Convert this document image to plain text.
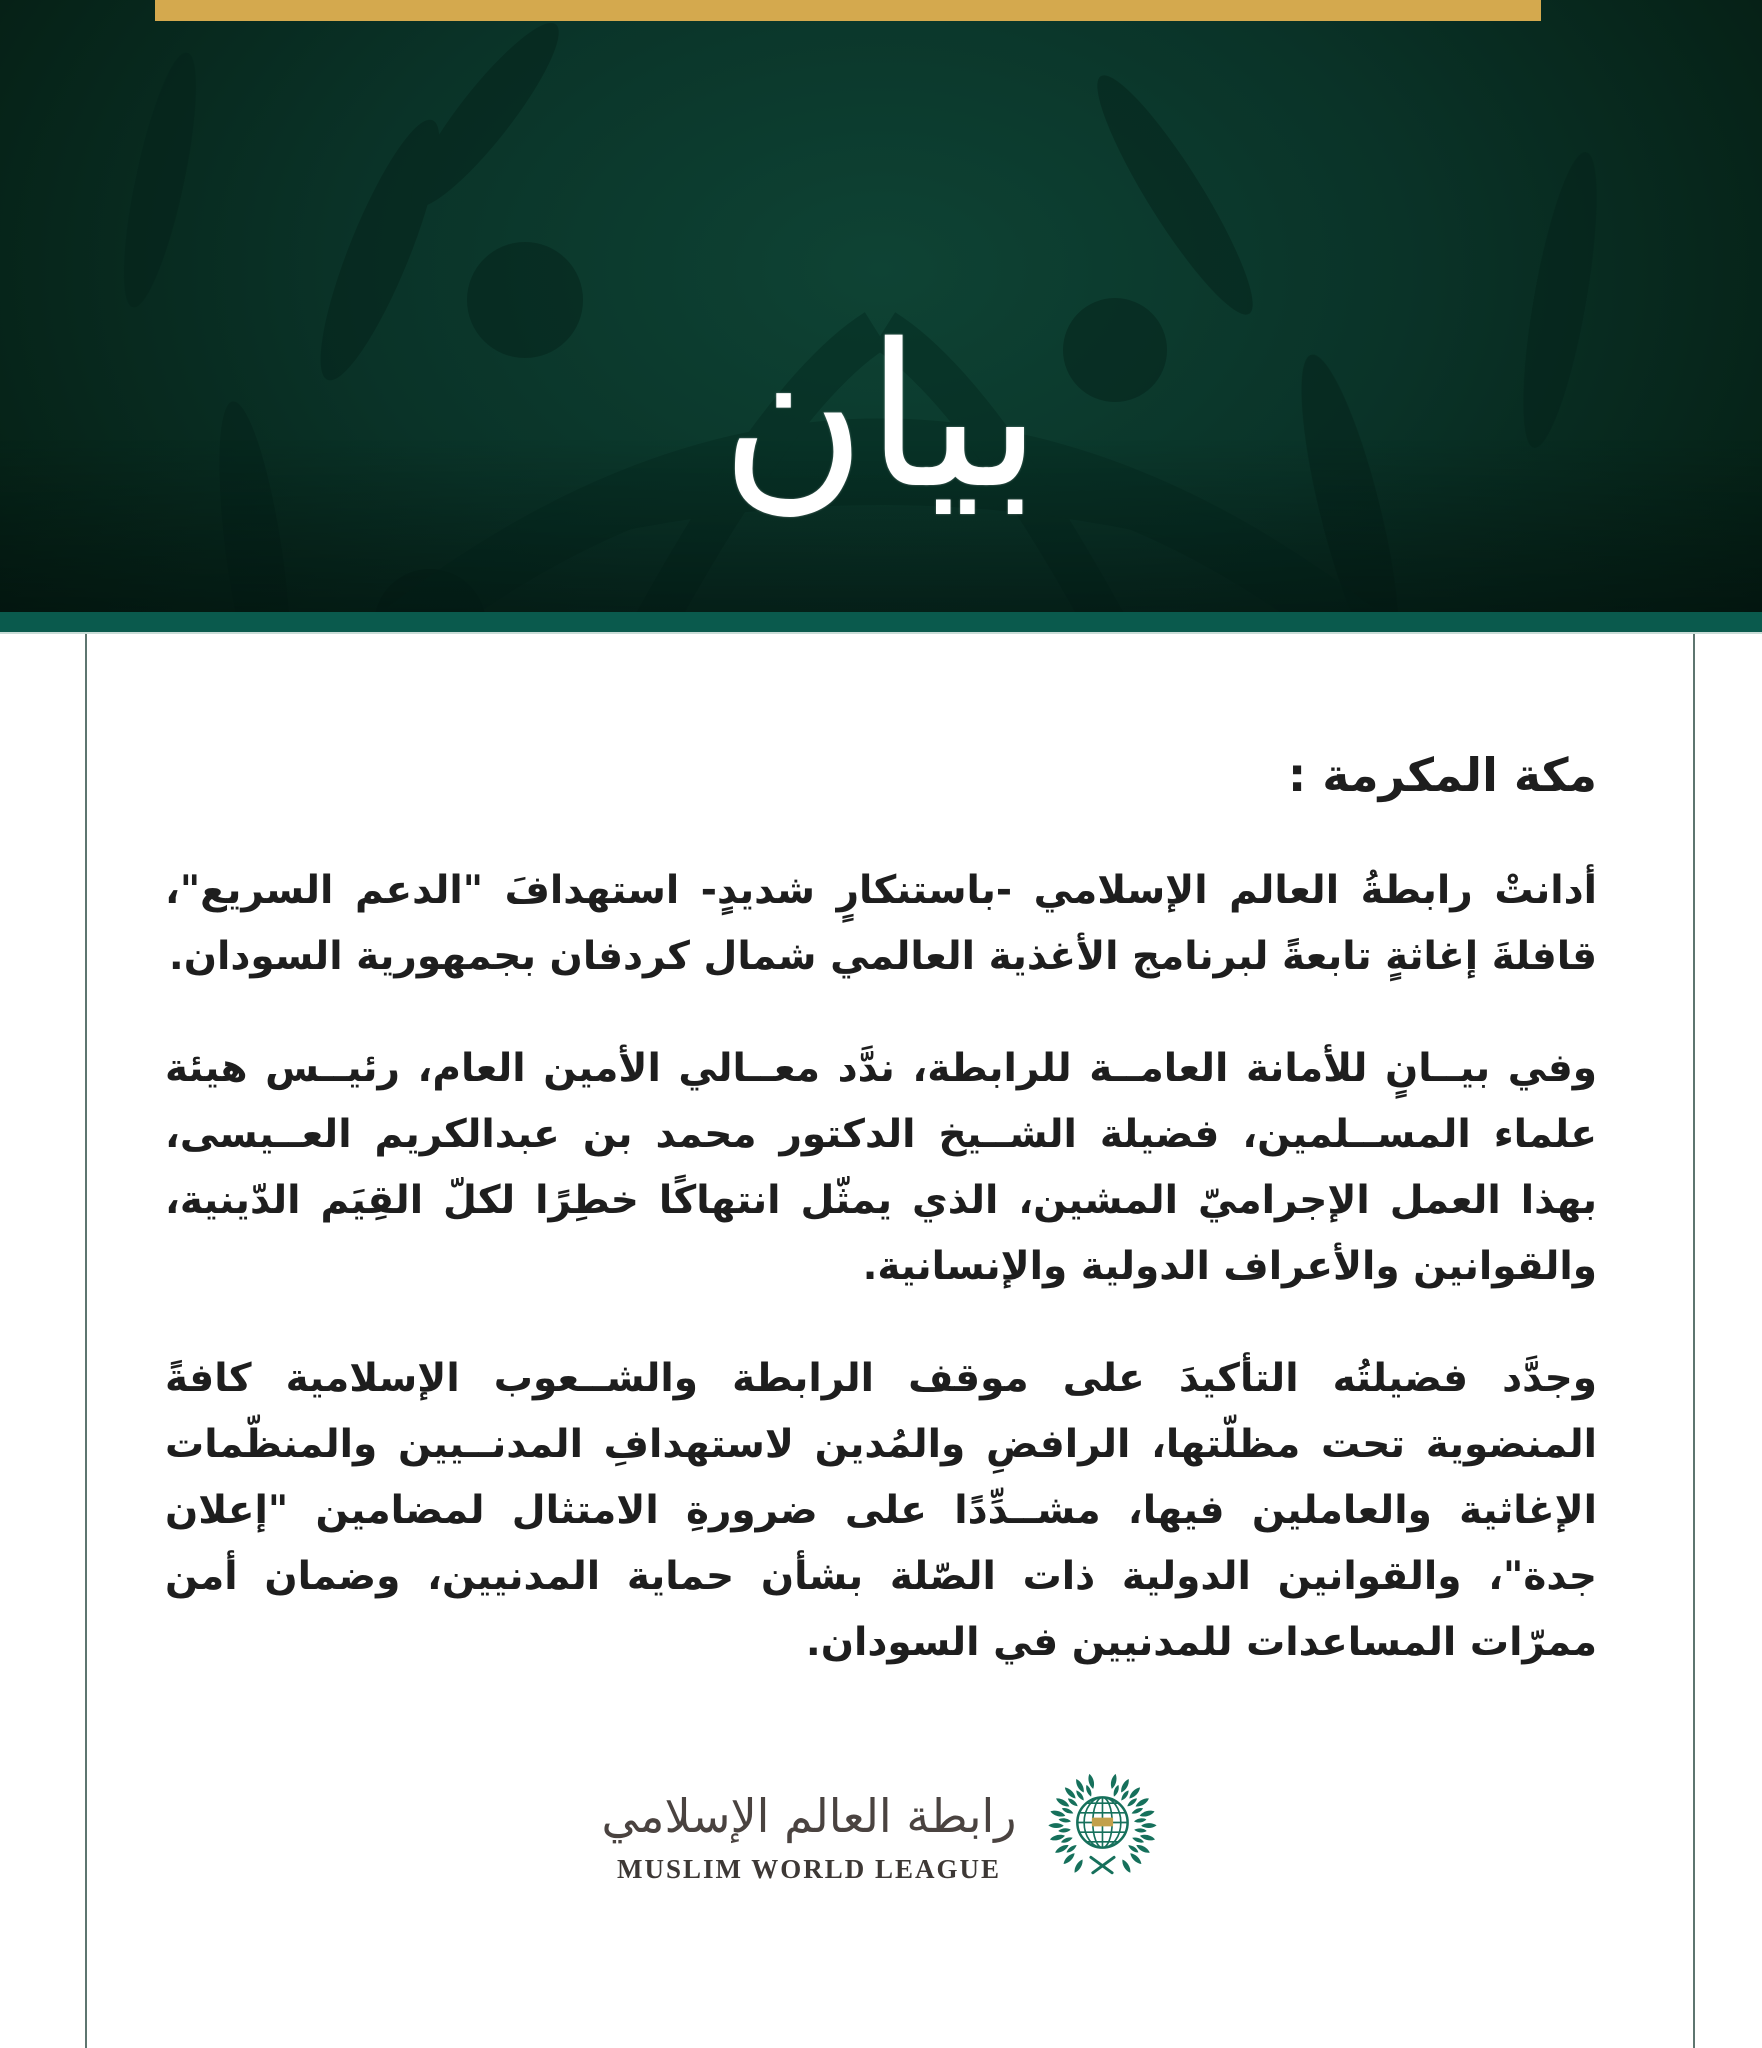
بيان
مكة المكرمة :

أدانتْ رابطةُ العالم الإسلامي -باستنكارٍ شديدٍ- استهدافَ "الدعم السريع"، قافلةَ إغاثةٍ تابعةً لبرنامج الأغذية العالمي شمال كردفان بجمهورية السودان.

وفي بيــانٍ للأمانة العامــة للرابطة، ندَّد معــالي الأمين العام، رئيــس هيئة علماء المســلمين، فضيلة الشــيخ الدكتور محمد بن عبدالكريم العــيسى، بهذا العمل الإجراميّ المشين، الذي يمثّل انتهاكًا خطِرًا لكلّ القِيَم الدّينية، والقوانين والأعراف الدولية والإنسانية.

وجدَّد فضيلتُه التأكيدَ على موقف الرابطة والشــعوب الإسلامية كافةً المنضوية تحت مظلّتها، الرافضِ والمُدين لاستهدافِ المدنــيين والمنظّمات الإغاثية والعاملين فيها، مشــدِّدًا على ضرورةِ الامتثال لمضامين "إعلان جدة"، والقوانين الدولية ذات الصّلة بشأن حماية المدنيين، وضمان أمن ممرّات المساعدات للمدنيين في السودان.

رابطة العالم الإسلامي
MUSLIM WORLD LEAGUE
